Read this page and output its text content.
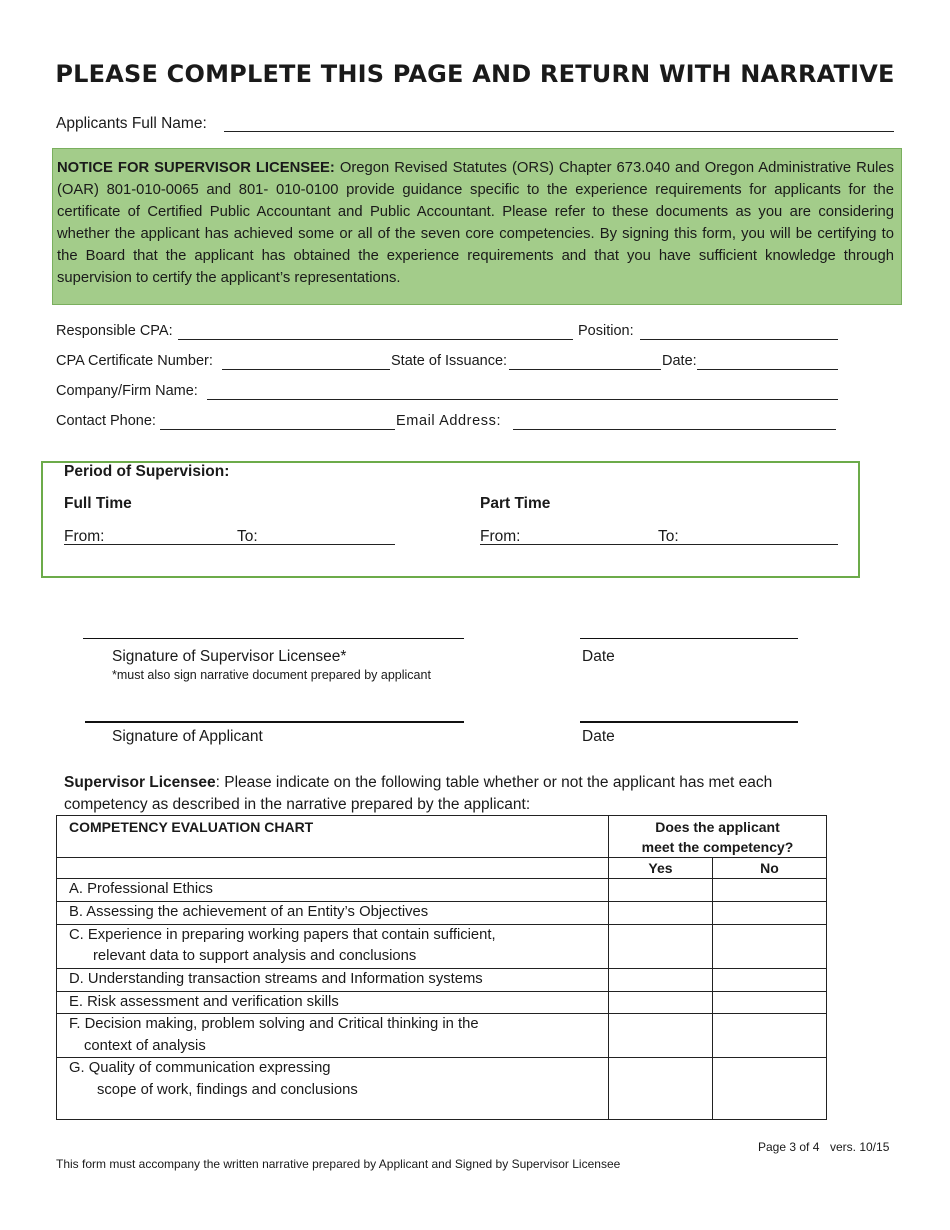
PLEASE COMPLETE THIS PAGE AND RETURN WITH NARRATIVE
Applicants Full Name:
NOTICE FOR SUPERVISOR LICENSEE: Oregon Revised Statutes (ORS) Chapter 673.040 and Oregon Administrative Rules (OAR) 801-010-0065 and 801- 010-0100 provide guidance specific to the experience requirements for applicants for the certificate of Certified Public Accountant and Public Accountant. Please refer to these documents as you are considering whether the applicant has achieved some or all of the seven core competencies. By signing this form, you will be certifying to the Board that the applicant has obtained the experience requirements and that you have sufficient knowledge through supervision to certify the applicant’s representations.
Responsible CPA:	Position:
CPA Certificate Number:	State of Issuance:	Date:
Company/Firm Name:
Contact Phone:	Email Address:
Period of Supervision:
Full Time	Part Time
From:	To:	From:	To:
Signature of Supervisor Licensee*
*must also sign narrative document prepared by applicant
Date
Signature of Applicant	Date
Supervisor Licensee: Please indicate on the following table whether or not the applicant has met each competency as described in the narrative prepared by the applicant:
COMPETENCY EVALUATION CHART	Does the applicant
meet the competency?	
	Yes	No
A. Professional Ethics		
B. Assessing the achievement of an Entity’s Objectives		
C. Experience in preparing working papers that contain sufficient,
relevant data to support analysis and conclusions		

D. Understanding transaction streams and Information systems		
E. Risk assessment and verification skills		
F. Decision making, problem solving and Critical thinking in the
context of analysis		

G. Quality of communication expressing
scope of work, findings and conclusions		

Page 3 of 4 vers. 10/15
This form must accompany the written narrative prepared by Applicant and Signed by Supervisor Licensee
